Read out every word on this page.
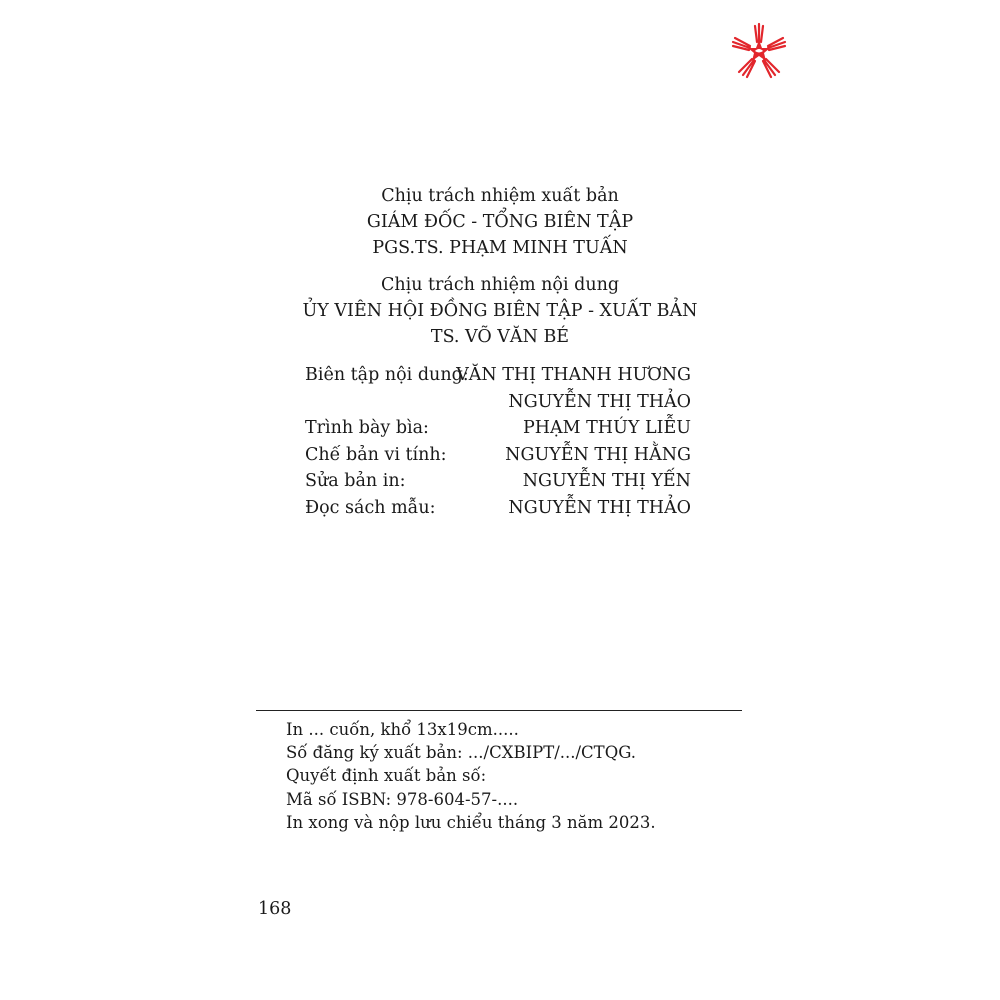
Chịu trách nhiệm xuất bản
GIÁM ĐỐC - TỔNG BIÊN TẬP
PGS.TS. PHẠM MINH TUẤN
Chịu trách nhiệm nội dung
ỦY VIÊN HỘI ĐỒNG BIÊN TẬP - XUẤT BẢN
TS. VÕ VĂN BÉ
Biên tập nội dung:
VĂN THỊ THANH HƯƠNG
NGUYỄN THỊ THẢO
Trình bày bìa:	PHẠM THÚY LIỄU
Chế bản vi tính:	NGUYỄN THỊ HẰNG
Sửa bản in:	NGUYỄN THỊ YẾN
Đọc sách mẫu:	NGUYỄN THỊ THẢO
In ... cuốn, khổ 13x19cm.....
Số đăng ký xuất bản: .../CXBIPT/.../CTQG.
Quyết định xuất bản số:
Mã số ISBN: 978-604-57-....
In xong và nộp lưu chiểu tháng 3 năm 2023.
168
